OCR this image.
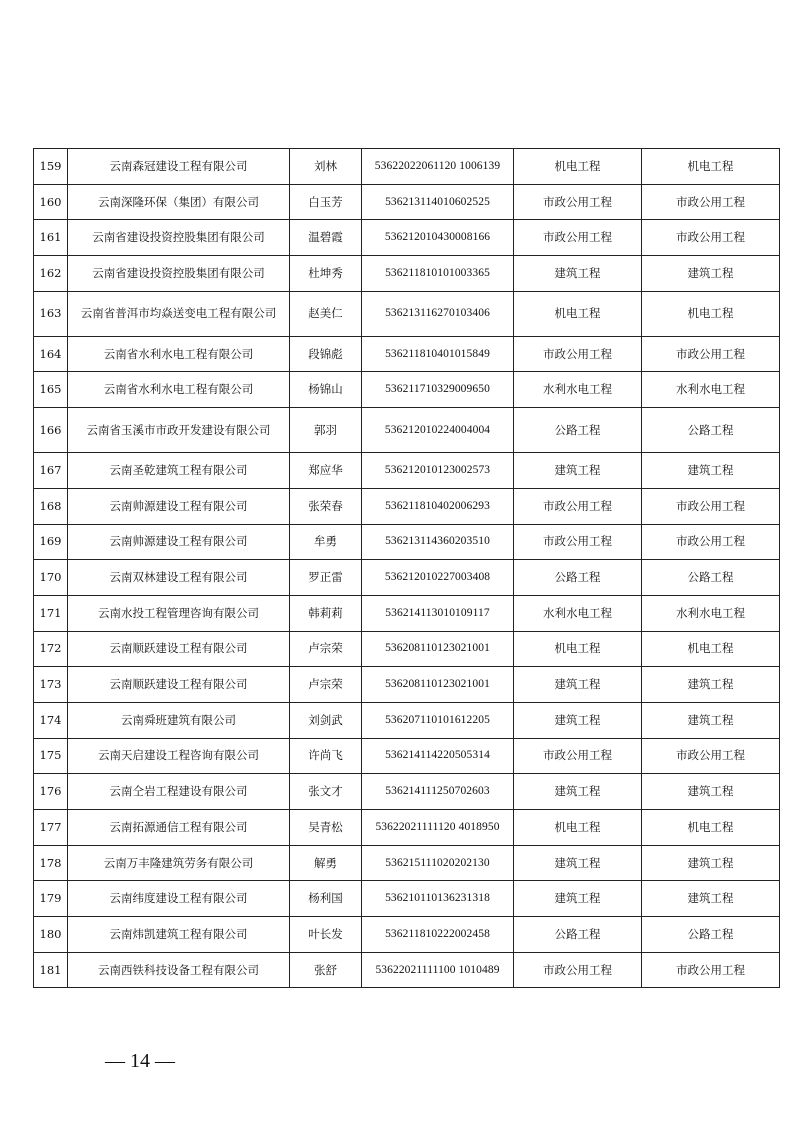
159	云南森冠建设工程有限公司	刘林	53622022061120 1006139	机电工程	机电工程
160	云南深隆环保（集团）有限公司	白玉芳	536213114010602525	市政公用工程	市政公用工程
161	云南省建设投资控股集团有限公司	温碧霞	536212010430008166	市政公用工程	市政公用工程
162	云南省建设投资控股集团有限公司	杜坤秀	536211810101003365	建筑工程	建筑工程
163	云南省普洱市均焱送变电工程有限公司	赵美仁	536213116270103406	机电工程	机电工程
164	云南省水利水电工程有限公司	段锦彪	536211810401015849	市政公用工程	市政公用工程
165	云南省水利水电工程有限公司	杨锦山	536211710329009650	水利水电工程	水利水电工程
166	云南省玉溪市市政开发建设有限公司	郭羽	536212010224004004	公路工程	公路工程
167	云南圣乾建筑工程有限公司	郑应华	536212010123002573	建筑工程	建筑工程
168	云南帅源建设工程有限公司	张荣春	536211810402006293	市政公用工程	市政公用工程
169	云南帅源建设工程有限公司	牟勇	536213114360203510	市政公用工程	市政公用工程
170	云南双林建设工程有限公司	罗正雷	536212010227003408	公路工程	公路工程
171	云南水投工程管理咨询有限公司	韩莉莉	536214113010109117	水利水电工程	水利水电工程
172	云南顺跃建设工程有限公司	卢宗荣	536208110123021001	机电工程	机电工程
173	云南顺跃建设工程有限公司	卢宗荣	536208110123021001	建筑工程	建筑工程
174	云南舜班建筑有限公司	刘剑武	536207110101612205	建筑工程	建筑工程
175	云南天启建设工程咨询有限公司	许尚飞	536214114220505314	市政公用工程	市政公用工程
176	云南仝岩工程建设有限公司	张文才	536214111250702603	建筑工程	建筑工程
177	云南拓源通信工程有限公司	吴青松	53622021111120 4018950	机电工程	机电工程
178	云南万丰隆建筑劳务有限公司	解勇	536215111020202130	建筑工程	建筑工程
179	云南纬度建设工程有限公司	杨利国	536210110136231318	建筑工程	建筑工程
180	云南炜凯建筑工程有限公司	叶长发	536211810222002458	公路工程	公路工程
181	云南西铁科技设备工程有限公司	张舒	53622021111100 1010489	市政公用工程	市政公用工程
— 14 —
